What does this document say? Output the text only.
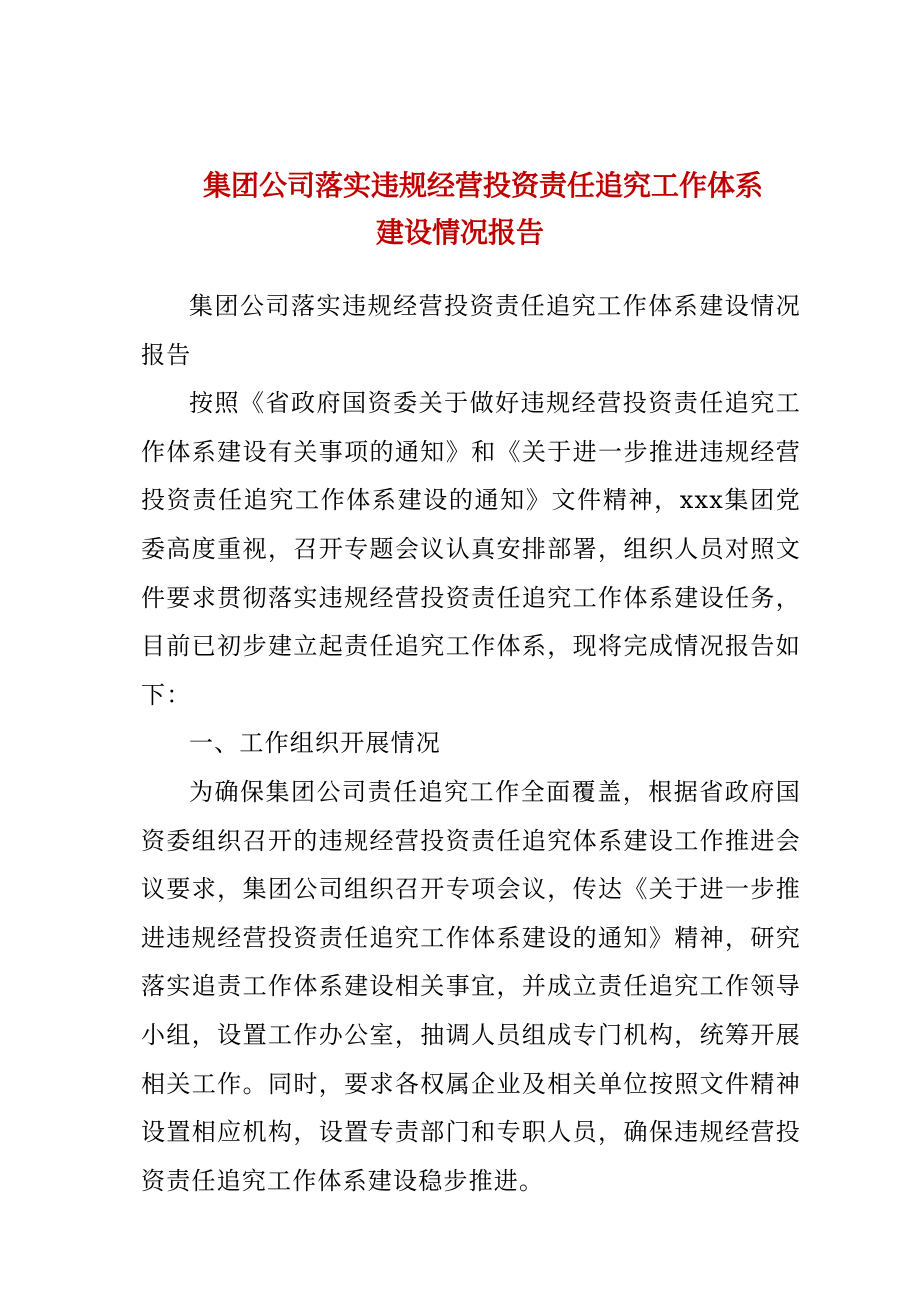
集团公司落实违规经营投资责任追究工作体系
建设情况报告

集团公司落实违规经营投资责任追究工作体系建设情况报告

按照《省政府国资委关于做好违规经营投资责任追究工作体系建设有关事项的通知》和《关于进一步推进违规经营投资责任追究工作体系建设的通知》文件精神，xxx集团党委高度重视，召开专题会议认真安排部署，组织人员对照文件要求贯彻落实违规经营投资责任追究工作体系建设任务，目前已初步建立起责任追究工作体系，现将完成情况报告如下：

一、工作组织开展情况

为确保集团公司责任追究工作全面覆盖，根据省政府国资委组织召开的违规经营投资责任追究体系建设工作推进会议要求，集团公司组织召开专项会议，传达《关于进一步推进违规经营投资责任追究工作体系建设的通知》精神，研究落实追责工作体系建设相关事宜，并成立责任追究工作领导小组，设置工作办公室，抽调人员组成专门机构，统筹开展相关工作。同时，要求各权属企业及相关单位按照文件精神设置相应机构，设置专责部门和专职人员，确保违规经营投资责任追究工作体系建设稳步推进。
